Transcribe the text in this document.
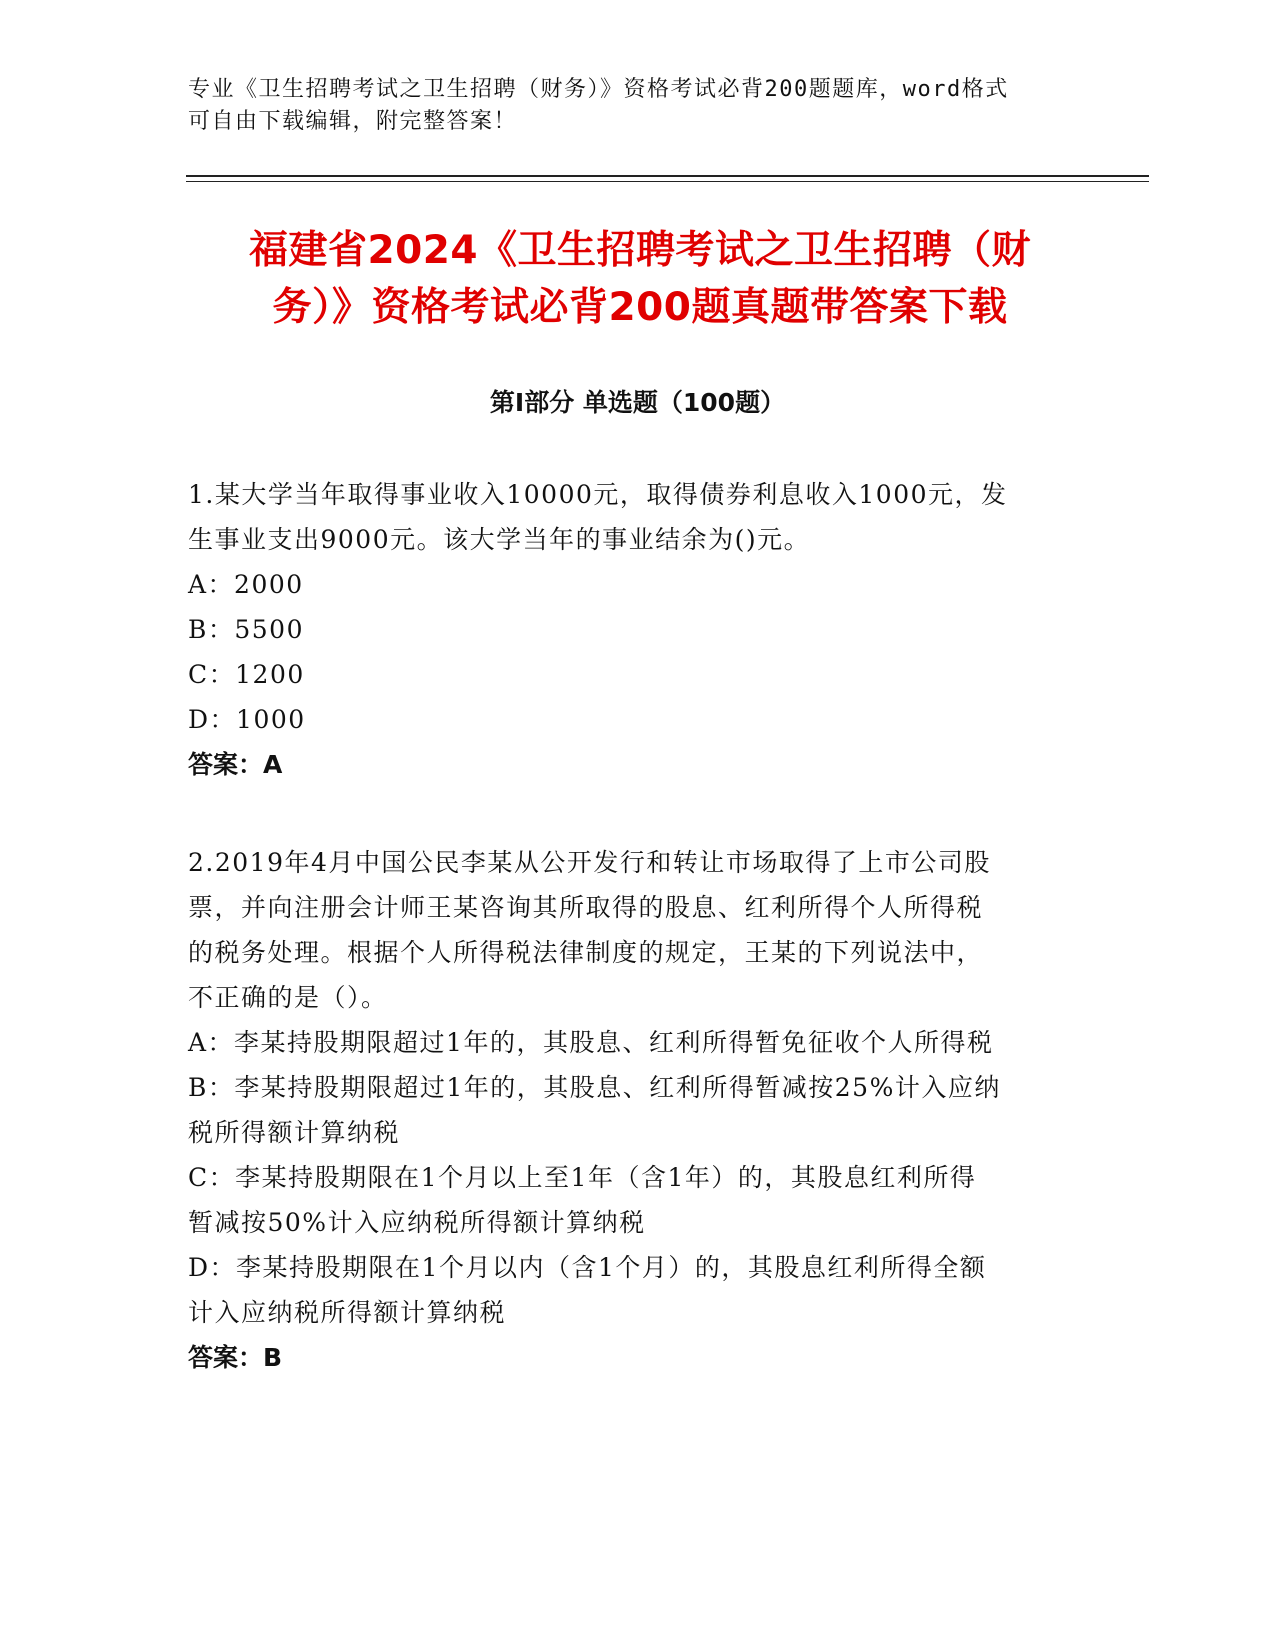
专业《卫生招聘考试之卫生招聘（财务）》资格考试必背200题题库，word格式
可自由下载编辑，附完整答案！
福建省2024《卫生招聘考试之卫生招聘（财
务）》资格考试必背200题真题带答案下载
第Ⅰ部分 单选题（100题）
1.某大学当年取得事业收入10000元，取得债券利息收入1000元，发
生事业支出9000元。该大学当年的事业结余为()元。
A：2000
B：5500
C：1200
D：1000
答案：A
2.2019年4月中国公民李某从公开发行和转让市场取得了上市公司股
票，并向注册会计师王某咨询其所取得的股息、红利所得个人所得税
的税务处理。根据个人所得税法律制度的规定，王某的下列说法中，
不正确的是（）。
A：李某持股期限超过1年的，其股息、红利所得暂免征收个人所得税
B：李某持股期限超过1年的，其股息、红利所得暂减按25%计入应纳
税所得额计算纳税
C：李某持股期限在1个月以上至1年（含1年）的，其股息红利所得
暂减按50%计入应纳税所得额计算纳税
D：李某持股期限在1个月以内（含1个月）的，其股息红利所得全额
计入应纳税所得额计算纳税
答案：B
